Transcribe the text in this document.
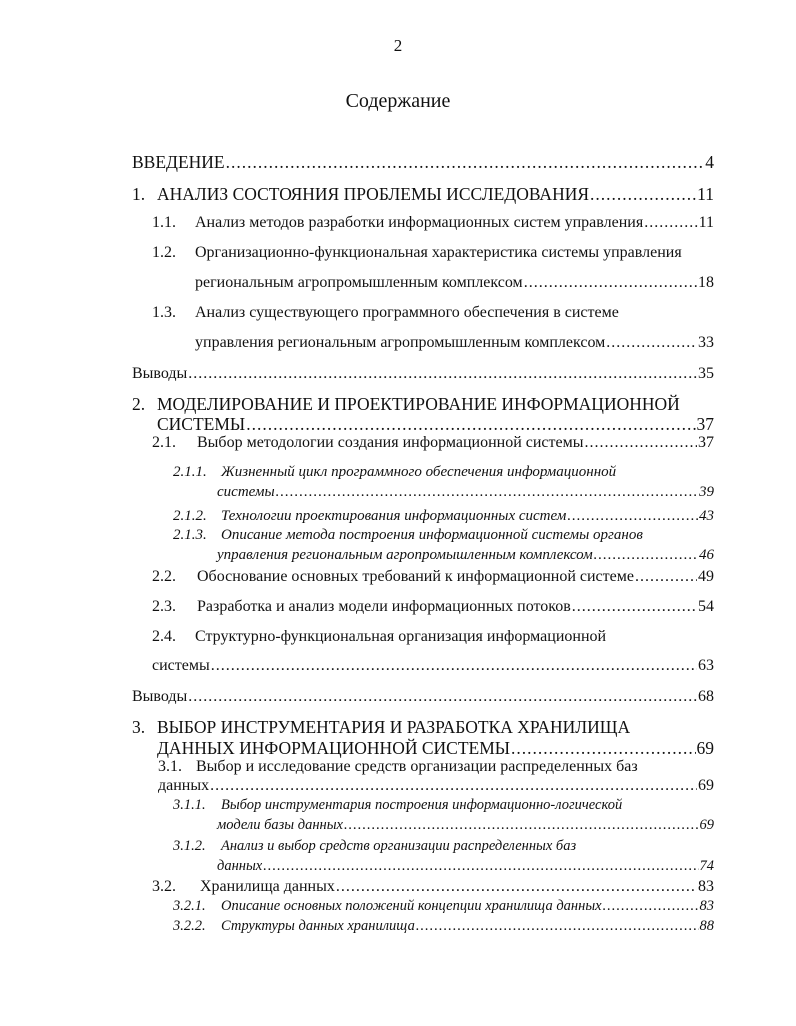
2
Содержание
ВВЕДЕНИЕ .....	4
1. АНАЛИЗ СОСТОЯНИЯ ПРОБЛЕМЫ ИССЛЕДОВАНИЯ .....	11
1.1. Анализ методов разработки информационных систем управления .....	11
1.2. Организационно-функциональная характеристика системы управления
региональным агропромышленным комплексом .....	18
1.3. Анализ существующего программного обеспечения в системе
управления региональным агропромышленным комплексом .....	33
Выводы .....	35
2. МОДЕЛИРОВАНИЕ И ПРОЕКТИРОВАНИЕ ИНФОРМАЦИОННОЙ
СИСТЕМЫ .....	37
2.1. Выбор методологии создания информационной системы .....	37
2.1.1. Жизненный цикл программного обеспечения информационной
системы .....	39
2.1.2. Технологии проектирования информационных систем .....	43
2.1.3. Описание метода построения информационной системы органов
управления региональным агропромышленным комплексом .....	46
2.2. Обоснование основных требований к информационной системе .....	49
2.3. Разработка и анализ модели информационных потоков .....	54
2.4. Структурно-функциональная организация информационной
системы .....	63
Выводы .....	68
3. ВЫБОР ИНСТРУМЕНТАРИЯ И РАЗРАБОТКА ХРАНИЛИЩА
ДАННЫХ ИНФОРМАЦИОННОЙ СИСТЕМЫ .....	69
3.1. Выбор и исследование средств организации распределенных баз
данных .....	69
3.1.1. Выбор инструментария построения информационно-логической
модели базы данных .....	69
3.1.2. Анализ и выбор средств организации распределенных баз
данных .....	74
3.2. Хранилища данных .....	83
3.2.1. Описание основных положений концепции хранилища данных .....	83
3.2.2. Структуры данных хранилища .....	88
